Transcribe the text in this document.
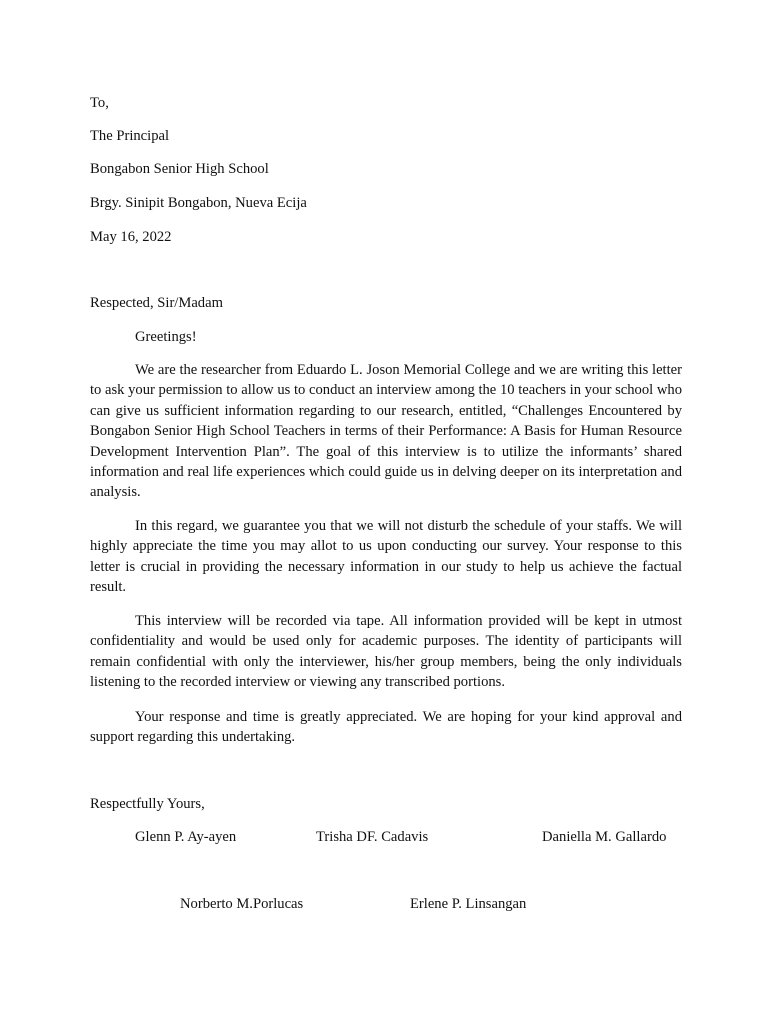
To,
The Principal
Bongabon Senior High School
Brgy. Sinipit Bongabon, Nueva Ecija
May 16, 2022
Respected, Sir/Madam
Greetings!
We are the researcher from Eduardo L. Joson Memorial College and we are writing this letter to ask your permission to allow us to conduct an interview among the 10 teachers in your school who can give us sufficient information regarding to our research, entitled, “Challenges Encountered by Bongabon Senior High School Teachers in terms of their Performance: A Basis for Human Resource Development Intervention Plan”. The goal of this interview is to utilize the informants’ shared information and real life experiences which could guide us in delving deeper on its interpretation and analysis.
In this regard, we guarantee you that we will not disturb the schedule of your staffs. We will highly appreciate the time you may allot to us upon conducting our survey. Your response to this letter is crucial in providing the necessary information in our study to help us achieve the factual result.
This interview will be recorded via tape. All information provided will be kept in utmost confidentiality and would be used only for academic purposes. The identity of participants will remain confidential with only the interviewer, his/her group members, being the only individuals listening to the recorded interview or viewing any transcribed portions.
Your response and time is greatly appreciated. We are hoping for your kind approval and support regarding this undertaking.
Respectfully Yours,
Glenn P. Ay-ayen	Trisha DF. Cadavis	Daniella M. Gallardo
Norberto M.Porlucas	Erlene P. Linsangan
